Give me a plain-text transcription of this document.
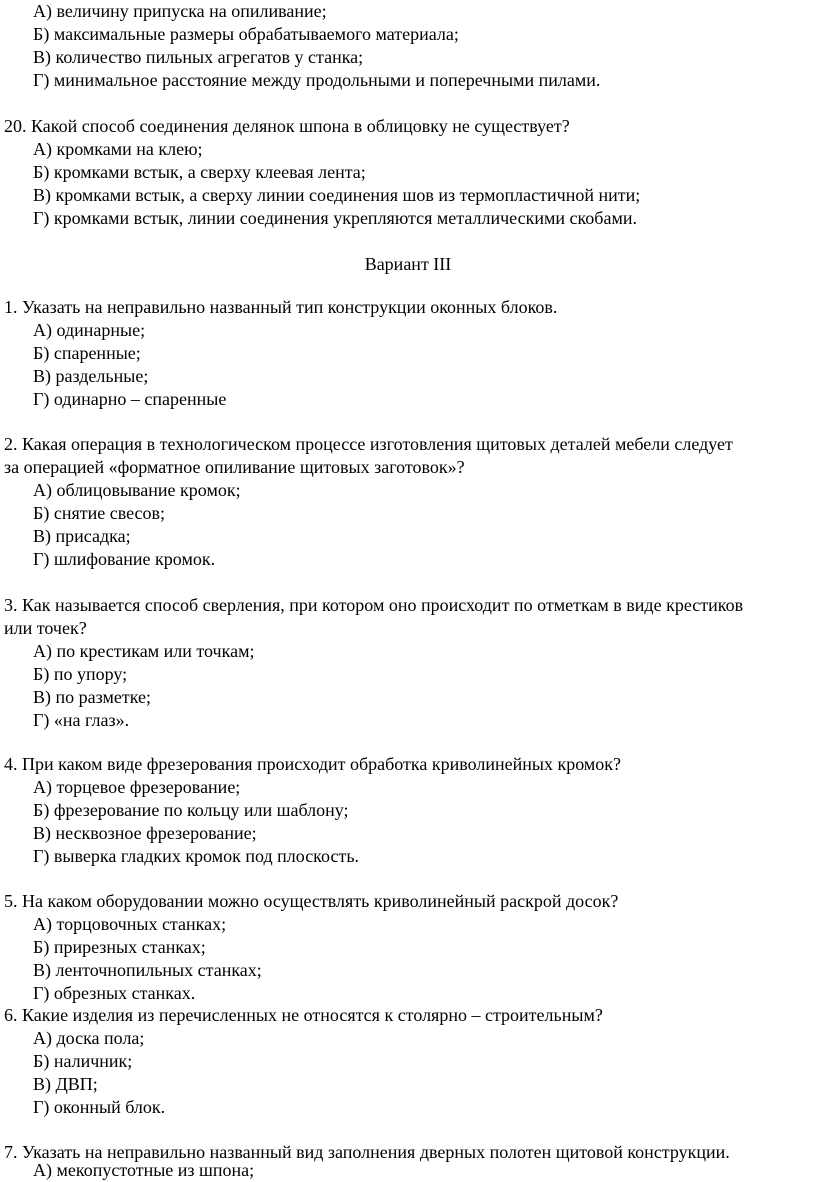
А) величину припуска на опиливание;
Б) максимальные размеры обрабатываемого материала;
В) количество пильных агрегатов у станка;
Г) минимальное расстояние между продольными и поперечными пилами.
20. Какой способ соединения делянок шпона в облицовку не существует?
А) кромками на клею;
Б) кромками встык, а сверху клеевая лента;
В) кромками встык, а сверху линии соединения шов из термопластичной нити;
Г) кромками встык, линии соединения укрепляются металлическими скобами.
Вариант III
1. Указать на неправильно названный тип конструкции оконных блоков.
А) одинарные;
Б) спаренные;
В) раздельные;
Г) одинарно – спаренные
2. Какая операция в технологическом процессе изготовления щитовых деталей мебели следует
за операцией «форматное опиливание щитовых заготовок»?
А) облицовывание кромок;
Б) снятие свесов;
В) присадка;
Г) шлифование кромок.
3. Как называется способ сверления, при котором оно происходит по отметкам в виде крестиков
или точек?
А) по крестикам или точкам;
Б) по упору;
В) по разметке;
Г) «на глаз».
4. При каком виде фрезерования происходит обработка криволинейных кромок?
А) торцевое фрезерование;
Б) фрезерование по кольцу или шаблону;
В) несквозное фрезерование;
Г) выверка гладких кромок под плоскость.
5. На каком оборудовании можно осуществлять криволинейный раскрой досок?
А) торцовочных станках;
Б) прирезных станках;
В) ленточнопильных станках;
Г) обрезных станках.
6. Какие изделия из перечисленных не относятся к столярно – строительным?
А) доска пола;
Б) наличник;
В) ДВП;
Г) оконный блок.
7. Указать на неправильно названный вид заполнения дверных полотен щитовой конструкции.
А) мекопустотные из шпона;
